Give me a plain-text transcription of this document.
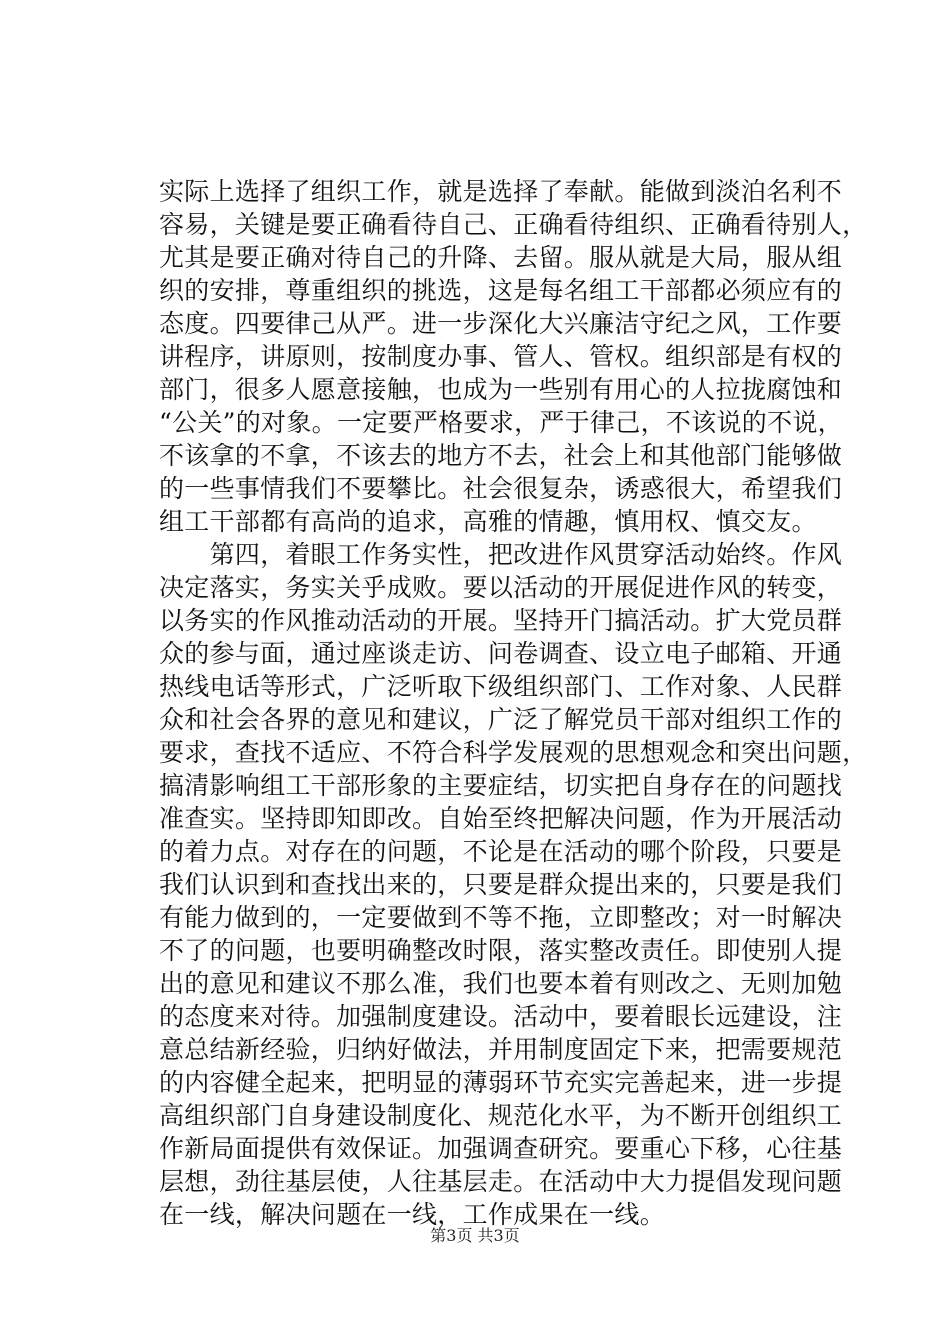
实际上选择了组织工作，就是选择了奉献。能做到淡泊名利不
容易，关键是要正确看待自己、正确看待组织、正确看待别人，
尤其是要正确对待自己的升降、去留。服从就是大局，服从组
织的安排，尊重组织的挑选，这是每名组工干部都必须应有的
态度。四要律己从严。进一步深化大兴廉洁守纪之风，工作要
讲程序，讲原则，按制度办事、管人、管权。组织部是有权的
部门，很多人愿意接触，也成为一些别有用心的人拉拢腐蚀和
“公关”的对象。一定要严格要求，严于律己，不该说的不说，
不该拿的不拿，不该去的地方不去，社会上和其他部门能够做
的一些事情我们不要攀比。社会很复杂，诱惑很大，希望我们
组工干部都有高尚的追求，高雅的情趣，慎用权、慎交友。
　　第四，着眼工作务实性，把改进作风贯穿活动始终。作风
决定落实，务实关乎成败。要以活动的开展促进作风的转变，
以务实的作风推动活动的开展。坚持开门搞活动。扩大党员群
众的参与面，通过座谈走访、问卷调查、设立电子邮箱、开通
热线电话等形式，广泛听取下级组织部门、工作对象、人民群
众和社会各界的意见和建议，广泛了解党员干部对组织工作的
要求，查找不适应、不符合科学发展观的思想观念和突出问题，
搞清影响组工干部形象的主要症结，切实把自身存在的问题找
准查实。坚持即知即改。自始至终把解决问题，作为开展活动
的着力点。对存在的问题，不论是在活动的哪个阶段，只要是
我们认识到和查找出来的，只要是群众提出来的，只要是我们
有能力做到的，一定要做到不等不拖，立即整改；对一时解决
不了的问题，也要明确整改时限，落实整改责任。即使别人提
出的意见和建议不那么准，我们也要本着有则改之、无则加勉
的态度来对待。加强制度建设。活动中，要着眼长远建设，注
意总结新经验，归纳好做法，并用制度固定下来，把需要规范
的内容健全起来，把明显的薄弱环节充实完善起来，进一步提
高组织部门自身建设制度化、规范化水平，为不断开创组织工
作新局面提供有效保证。加强调查研究。要重心下移，心往基
层想，劲往基层使，人往基层走。在活动中大力提倡发现问题
在一线，解决问题在一线，工作成果在一线。
第3页 共3页
